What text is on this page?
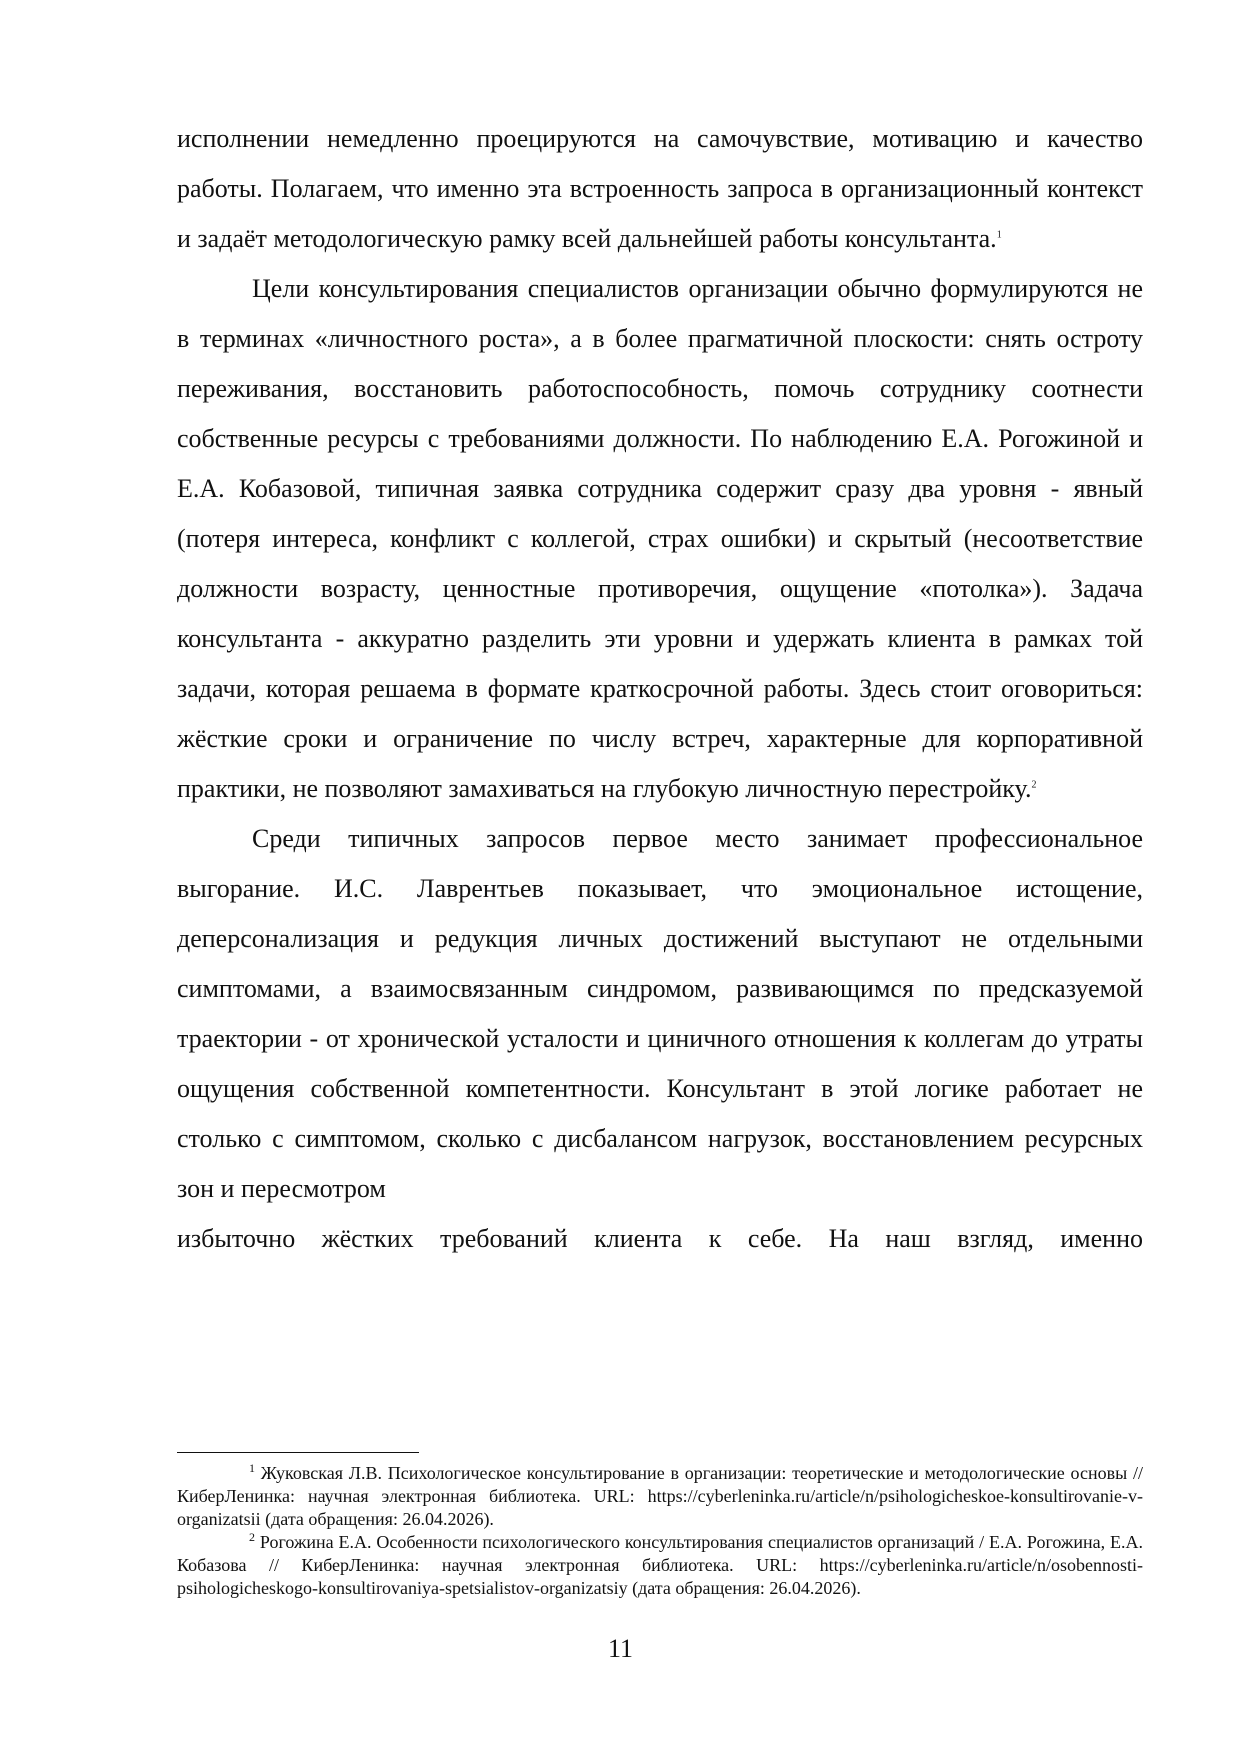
исполнении немедленно проецируются на самочувствие, мотивацию и качество работы. Полагаем, что именно эта встроенность запроса в организационный контекст и задаёт методологическую рамку всей дальнейшей работы консультанта.$^1$

Цели консультирования специалистов организации обычно формулируются не в терминах «личностного роста», а в более прагматичной плоскости: снять остроту переживания, восстановить работоспособность, помочь сотруднику соотнести собственные ресурсы с требованиями должности. По наблюдению Е.А. Рогожиной и Е.А. Кобазовой, типичная заявка сотрудника содержит сразу два уровня - явный (потеря интереса, конфликт с коллегой, страх ошибки) и скрытый (несоответствие должности возрасту, ценностные противоречия, ощущение «потолка»). Задача консультанта - аккуратно разделить эти уровни и удержать клиента в рамках той задачи, которая решаема в формате краткосрочной работы. Здесь стоит оговориться: жёсткие сроки и ограничение по числу встреч, характерные для корпоративной практики, не позволяют замахиваться на глубокую личностную перестройку.$^2$

Среди типичных запросов первое место занимает профессиональное выгорание. И.С. Лаврентьев показывает, что эмоциональное истощение, деперсонализация и редукция личных достижений выступают не отдельными симптомами, а взаимосвязанным синдромом, развивающимся по предсказуемой траектории - от хронической усталости и циничного отношения к коллегам до утраты ощущения собственной компетентности. Консультант в этой логике работает не столько с симптомом, сколько с дисбалансом нагрузок, восстановлением ресурсных зон и пересмотром

избыточно жёстких требований клиента к себе. На наш взгляд, именно

$^1$ Жуковская Л.В. Психологическое консультирование в организации: теоретические и методологические основы // КиберЛенинка: научная электронная библиотека. URL: https://cyberleninka.ru/article/n/psihologicheskoe-konsultirovanie-v-organizatsii (дата обращения: 26.04.2026).

$^2$ Рогожина Е.А. Особенности психологического консультирования специалистов организаций / Е.А. Рогожина, Е.А. Кобазова // КиберЛенинка: научная электронная библиотека. URL: https://cyberleninka.ru/article/n/osobennosti-psihologicheskogo-konsultirovaniya-spetsialistov-organizatsiy (дата обращения: 26.04.2026).

11
